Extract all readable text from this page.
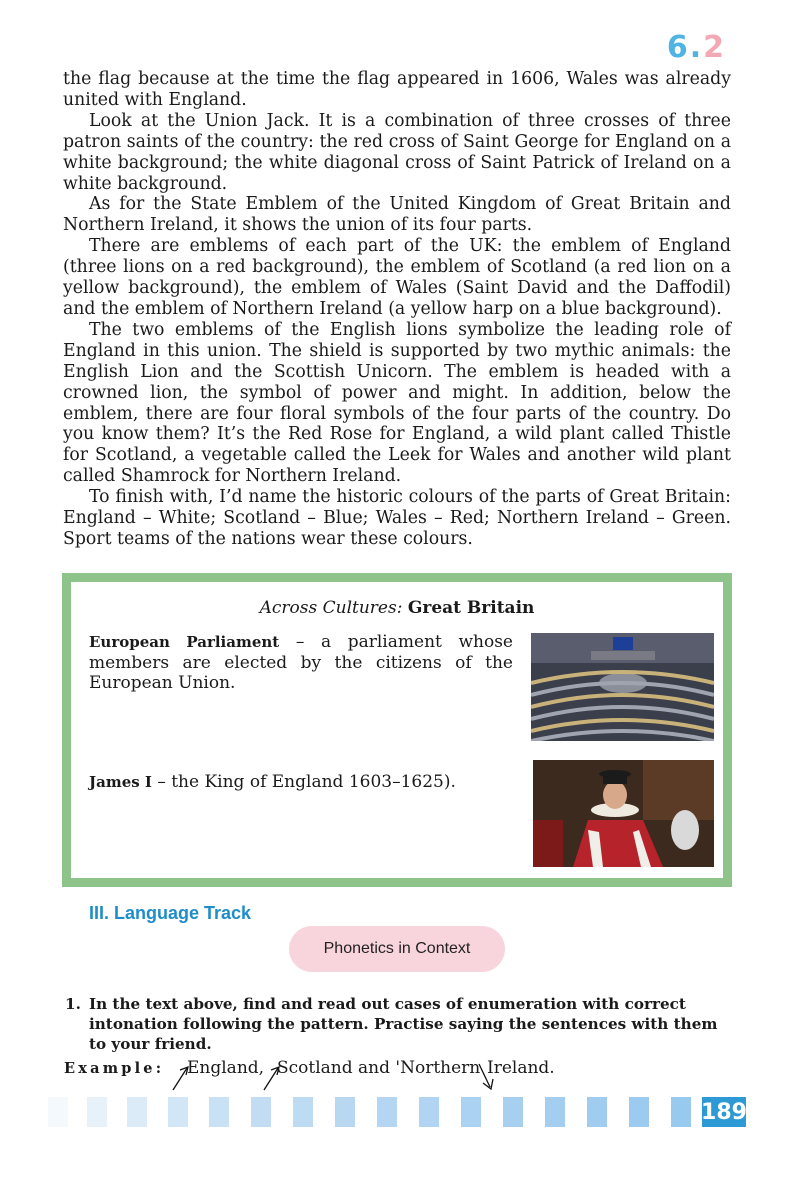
6.2

the flag because at the time the flag appeared in 1606, Wales was already united with England.

Look at the Union Jack. It is a combination of three crosses of three patron saints of the country: the red cross of Saint George for England on a white background; the white diagonal cross of Saint Patrick of Ireland on a white background.

As for the State Emblem of the United Kingdom of Great Britain and Northern Ireland, it shows the union of its four parts.

There are emblems of each part of the UK: the emblem of England (three lions on a red background), the emblem of Scotland (a red lion on a yellow background), the emblem of Wales (Saint David and the Daffodil) and the emblem of Northern Ireland (a yellow harp on a blue background).

The two emblems of the English lions symbolize the leading role of England in this union. The shield is supported by two mythic animals: the English Lion and the Scottish Unicorn. The emblem is headed with a crowned lion, the symbol of power and might. In addition, below the emblem, there are four floral symbols of the four parts of the country. Do you know them? It’s the Red Rose for England, a wild plant called Thistle for Scotland, a vegetable called the Leek for Wales and another wild plant called Shamrock for Northern Ireland.

To finish with, I’d name the historic colours of the parts of Great Britain: England – White; Scotland – Blue; Wales – Red; Northern Ireland – Green. Sport teams of the nations wear these colours.

Across Cultures: Great Britain
European Parliament – a parliament whose members are elected by the citizens of the European Union.
James I – the King of England 1603–1625).
III. Language Track
Phonetics in Context
1. In the text above, find and read out cases of enumeration with correct intonation following the pattern. Practise saying the sentences with them to your friend.
Example: England, Scotland and 'Northern Ireland.
189
